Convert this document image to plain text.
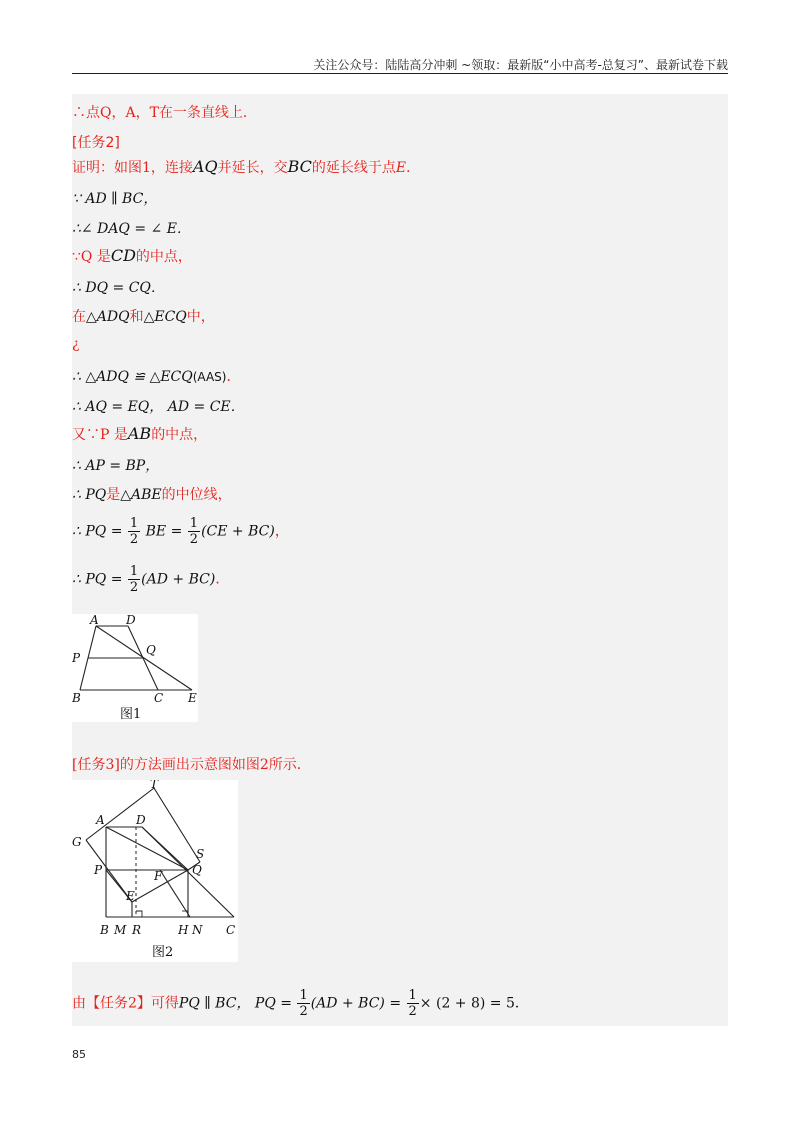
关注公众号：陆陆高分冲刺 ~领取：最新版“小中高考-总复习”、最新试卷下载
∴点Q，A，T在一条直线上．
[任务2]
证明：如图1，连接AQ并延长，交BC的延长线于点E．
∵ AD ∥ BC，
∴∠ DAQ = ∠ E．
∵Q 是CD的中点，
∴ DQ = CQ．
在△ADQ和△ECQ中，
¿
∴ △ADQ ≌ △ECQ(AAS)．
∴ AQ = EQ， AD = CE．
又∵P 是AB的中点，
∴ AP = BP，
∴ PQ是△ABE的中位线，
∴ PQ = $\frac{1}{2}$ BE = $\frac{1}{2} (CE + BC)$，
∴ PQ = $\frac{1}{2} (AD + BC)$．
A D
P
Q
B	C E
图1
[任务3]的方法画出示意图如图2所示．
T
A	D
G
S
P	F Q
E
B M R	H N C
图2
由【任务2】可得PQ ∥ BC， PQ = $\frac{1}{2} (AD + BC) = \frac{1}{2} \times (2 + 8) = 5$．
85
